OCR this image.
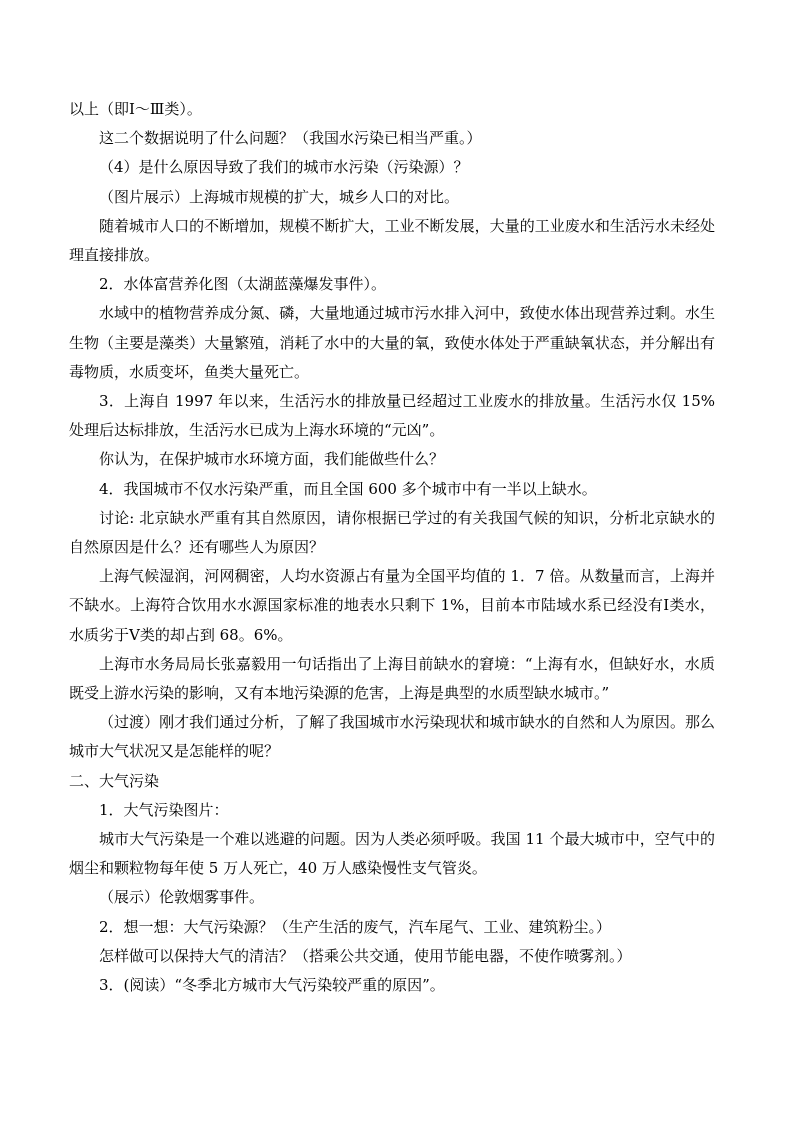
以上（即Ⅰ～Ⅲ类）。

这二个数据说明了什么问题？（我国水污染已相当严重。）

（4）是什么原因导致了我们的城市水污染（污染源）？

（图片展示）上海城市规模的扩大，城乡人口的对比。

随着城市人口的不断增加，规模不断扩大，工业不断发展，大量的工业废水和生活污水未经处理直接排放。

2．水体富营养化图（太湖蓝藻爆发事件）。

水域中的植物营养成分氮、磷，大量地通过城市污水排入河中，致使水体出现营养过剩。水生生物（主要是藻类）大量繁殖，消耗了水中的大量的氧，致使水体处于严重缺氧状态，并分解出有毒物质，水质变坏，鱼类大量死亡。

3．上海自 1997 年以来，生活污水的排放量已经超过工业废水的排放量。生活污水仅 15%处理后达标排放，生活污水已成为上海水环境的“元凶”。

你认为，在保护城市水环境方面，我们能做些什么？

4．我国城市不仅水污染严重，而且全国 600 多个城市中有一半以上缺水。

讨论: 北京缺水严重有其自然原因，请你根据已学过的有关我国气候的知识，分析北京缺水的自然原因是什么？还有哪些人为原因？

上海气候湿润，河网稠密，人均水资源占有量为全国平均值的 1．7 倍。从数量而言，上海并不缺水。上海符合饮用水水源国家标准的地表水只剩下 1%，目前本市陆域水系已经没有Ⅰ类水，水质劣于Ⅴ类的却占到 68。6%。

上海市水务局局长张嘉毅用一句话指出了上海目前缺水的窘境：“上海有水，但缺好水，水质既受上游水污染的影响，又有本地污染源的危害，上海是典型的水质型缺水城市。”

（过渡）刚才我们通过分析，了解了我国城市水污染现状和城市缺水的自然和人为原因。那么城市大气状况又是怎能样的呢？

二、大气污染

1．大气污染图片：

城市大气污染是一个难以逃避的问题。因为人类必须呼吸。我国 11 个最大城市中，空气中的烟尘和颗粒物每年使 5 万人死亡，40 万人感染慢性支气管炎。

（展示）伦敦烟雾事件。

2．想一想：大气污染源？（生产生活的废气，汽车尾气、工业、建筑粉尘。）

怎样做可以保持大气的清洁？（搭乘公共交通，使用节能电器，不使作喷雾剂。）

3．(阅读）“冬季北方城市大气污染较严重的原因”。
